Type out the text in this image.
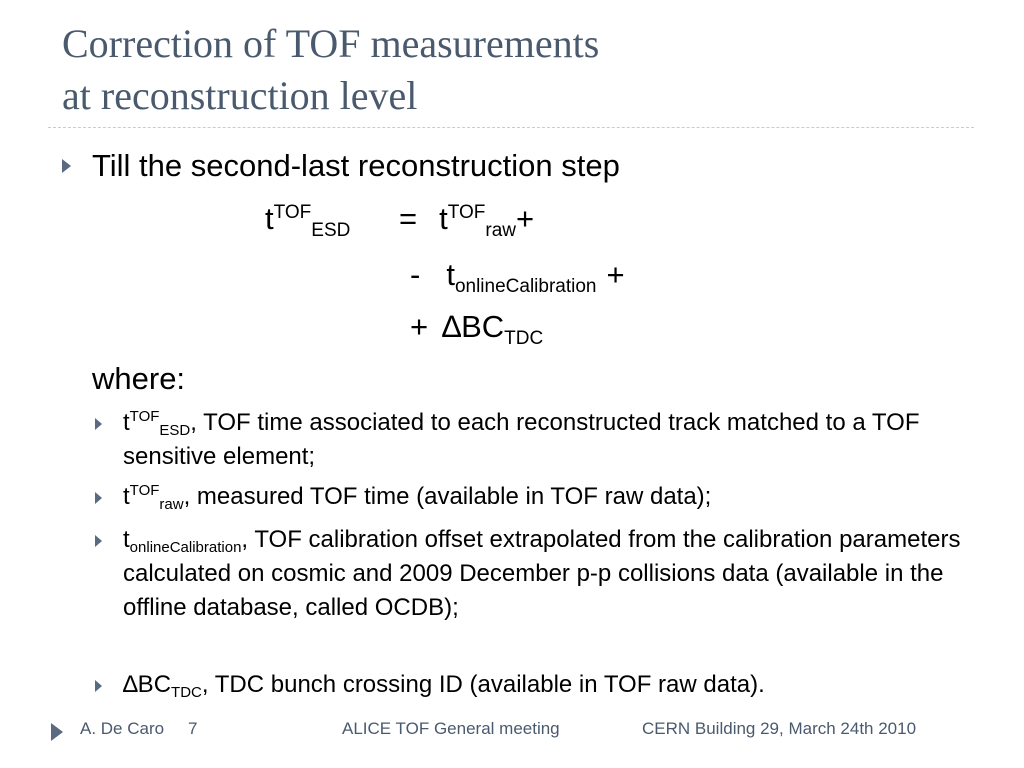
Correction of TOF measurements
at reconstruction level
Till the second-last reconstruction step
$t^{TOF}_{ESD} = t^{TOF}_{raw}+$
- $t_{onlineCalibration}$ +
+ $\Delta BC_{TDC}$
where:
$t^{TOF}_{ESD}$, TOF time associated to each reconstructed track matched to a TOF sensitive element;
$t^{TOF}_{raw}$, measured TOF time (available in TOF raw data);
$t_{onlineCalibration}$, TOF calibration offset extrapolated from the calibration parameters calculated on cosmic and 2009 December p-p collisions data (available in the offline database, called OCDB);
$\Delta BC_{TDC}$, TDC bunch crossing ID (available in TOF raw data).
A. De Caro 7	ALICE TOF General meeting	CERN Building 29, March 24th 2010
